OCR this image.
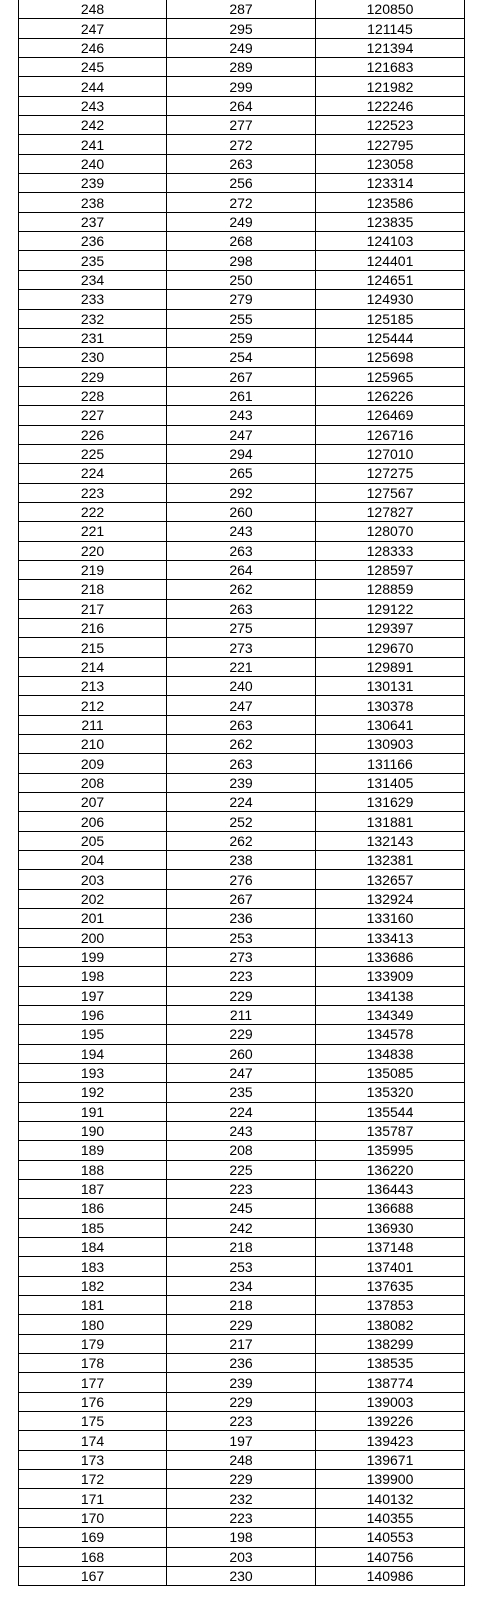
248	287	120850
247	295	121145
246	249	121394
245	289	121683
244	299	121982
243	264	122246
242	277	122523
241	272	122795
240	263	123058
239	256	123314
238	272	123586
237	249	123835
236	268	124103
235	298	124401
234	250	124651
233	279	124930
232	255	125185
231	259	125444
230	254	125698
229	267	125965
228	261	126226
227	243	126469
226	247	126716
225	294	127010
224	265	127275
223	292	127567
222	260	127827
221	243	128070
220	263	128333
219	264	128597
218	262	128859
217	263	129122
216	275	129397
215	273	129670
214	221	129891
213	240	130131
212	247	130378
211	263	130641
210	262	130903
209	263	131166
208	239	131405
207	224	131629
206	252	131881
205	262	132143
204	238	132381
203	276	132657
202	267	132924
201	236	133160
200	253	133413
199	273	133686
198	223	133909
197	229	134138
196	211	134349
195	229	134578
194	260	134838
193	247	135085
192	235	135320
191	224	135544
190	243	135787
189	208	135995
188	225	136220
187	223	136443
186	245	136688
185	242	136930
184	218	137148
183	253	137401
182	234	137635
181	218	137853
180	229	138082
179	217	138299
178	236	138535
177	239	138774
176	229	139003
175	223	139226
174	197	139423
173	248	139671
172	229	139900
171	232	140132
170	223	140355
169	198	140553
168	203	140756
167	230	140986
